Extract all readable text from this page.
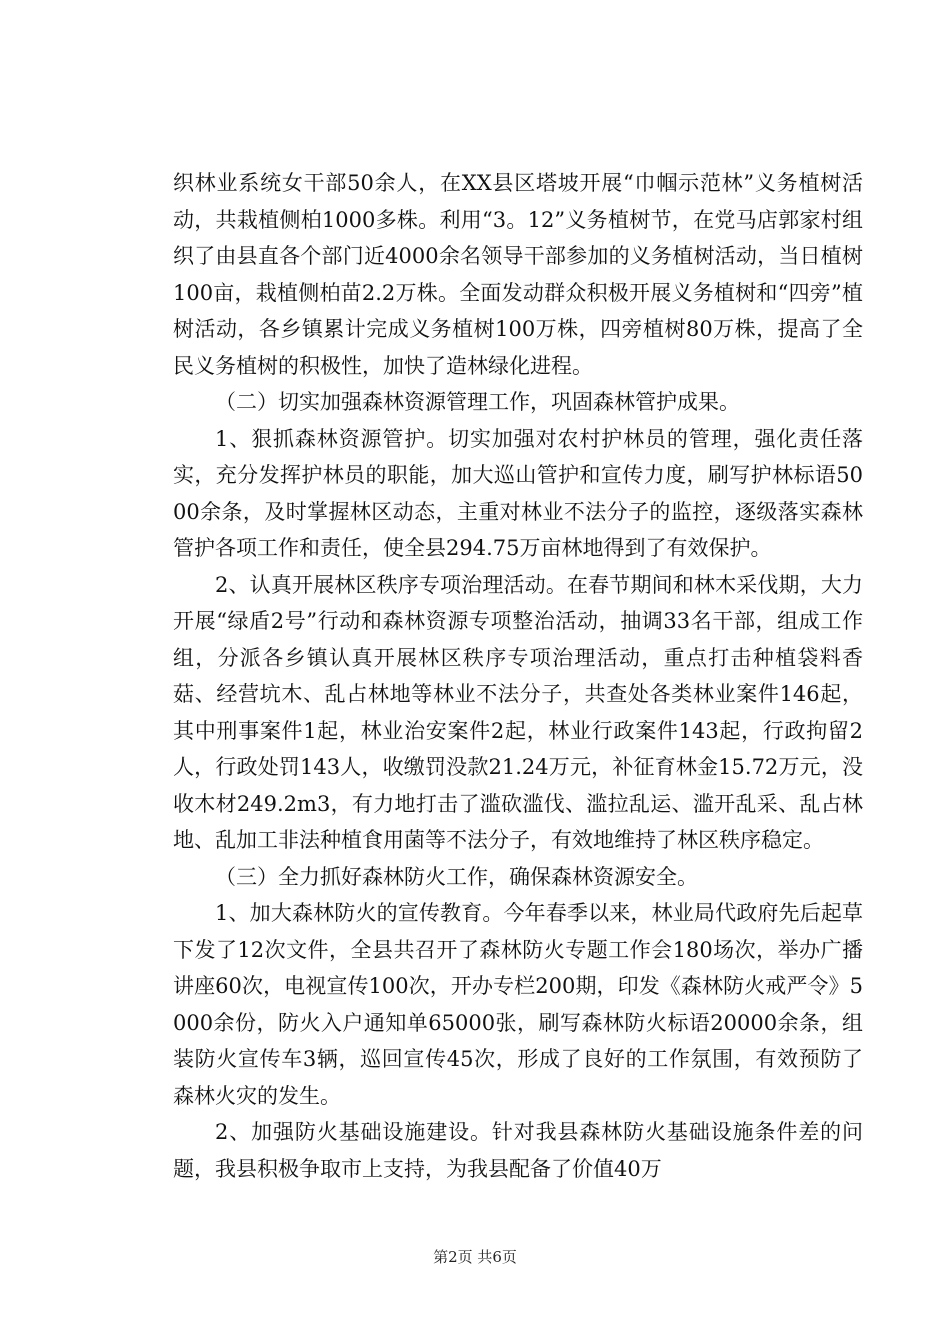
织林业系统女干部50余人，在XX县区塔坡开展“巾帼示范林”义务植树活动，共栽植侧柏1000多株。利用“3。12”义务植树节，在党马店郭家村组织了由县直各个部门近4000余名领导干部参加的义务植树活动，当日植树100亩，栽植侧柏苗2.2万株。全面发动群众积极开展义务植树和“四旁”植树活动，各乡镇累计完成义务植树100万株，四旁植树80万株，提高了全民义务植树的积极性，加快了造林绿化进程。

（二）切实加强森林资源管理工作，巩固森林管护成果。

1、狠抓森林资源管护。切实加强对农村护林员的管理，强化责任落实，充分发挥护林员的职能，加大巡山管护和宣传力度，刷写护林标语5000余条，及时掌握林区动态，主重对林业不法分子的监控，逐级落实森林管护各项工作和责任，使全县294.75万亩林地得到了有效保护。

2、认真开展林区秩序专项治理活动。在春节期间和林木采伐期，大力开展“绿盾2号”行动和森林资源专项整治活动，抽调33名干部，组成工作组，分派各乡镇认真开展林区秩序专项治理活动，重点打击种植袋料香菇、经营坑木、乱占林地等林业不法分子，共查处各类林业案件146起，其中刑事案件1起，林业治安案件2起，林业行政案件143起，行政拘留2人，行政处罚143人，收缴罚没款21.24万元，补征育林金15.72万元，没收木材249.2m3，有力地打击了滥砍滥伐、滥拉乱运、滥开乱采、乱占林地、乱加工非法种植食用菌等不法分子，有效地维持了林区秩序稳定。

（三）全力抓好森林防火工作，确保森林资源安全。

1、加大森林防火的宣传教育。今年春季以来，林业局代政府先后起草下发了12次文件，全县共召开了森林防火专题工作会180场次，举办广播讲座60次，电视宣传100次，开办专栏200期，印发《森林防火戒严令》5000余份，防火入户通知单65000张，刷写森林防火标语20000余条，组装防火宣传车3辆，巡回宣传45次，形成了良好的工作氛围，有效预防了森林火灾的发生。

2、加强防火基础设施建设。针对我县森林防火基础设施条件差的问题，我县积极争取市上支持，为我县配备了价值40万

第2页 共6页
